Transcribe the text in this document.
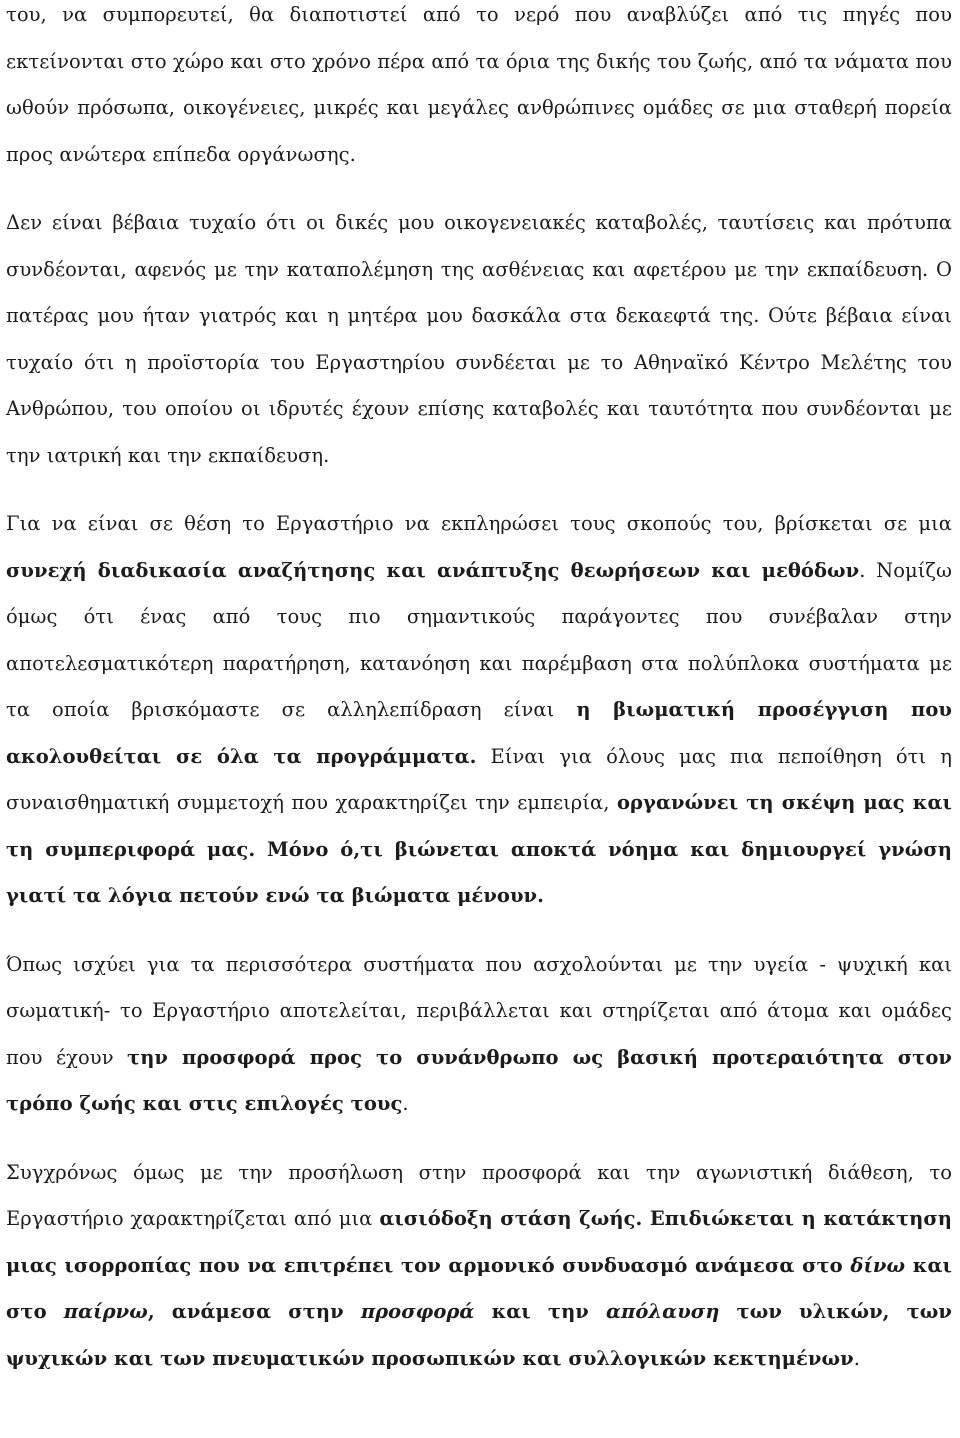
του, να συμπορευτεί, θα διαποτιστεί από το νερό που αναβλύζει από τις πηγές που εκτείνονται στο χώρο και στο χρόνο πέρα από τα όρια της δικής του ζωής, από τα νάματα που ωθούν πρόσωπα, οικογένειες, μικρές και μεγάλες ανθρώπινες ομάδες σε μια σταθερή πορεία προς ανώτερα επίπεδα οργάνωσης.

Δεν είναι βέβαια τυχαίο ότι οι δικές μου οικογενειακές καταβολές, ταυτίσεις και πρότυπα συνδέονται, αφενός με την καταπολέμηση της ασθένειας και αφετέρου με την εκπαίδευση. Ο πατέρας μου ήταν γιατρός και η μητέρα μου δασκάλα στα δεκαεφτά της. Ούτε βέβαια είναι τυχαίο ότι η προϊστορία του Εργαστηρίου συνδέεται με το Αθηναϊκό Κέντρο Μελέτης του Ανθρώπου, του οποίου οι ιδρυτές έχουν επίσης καταβολές και ταυτότητα που συνδέονται με την ιατρική και την εκπαίδευση.

Για να είναι σε θέση το Εργαστήριο να εκπληρώσει τους σκοπούς του, βρίσκεται σε μια συνεχή διαδικασία αναζήτησης και ανάπτυξης θεωρήσεων και μεθόδων. Νομίζω όμως ότι ένας από τους πιο σημαντικούς παράγοντες που συνέβαλαν στην αποτελεσματικότερη παρατήρηση, κατανόηση και παρέμβαση στα πολύπλοκα συστήματα με τα οποία βρισκόμαστε σε αλληλεπίδραση είναι η βιωματική προσέγγιση που ακολουθείται σε όλα τα προγράμματα. Είναι για όλους μας πια πεποίθηση ότι η συναισθηματική συμμετοχή που χαρακτηρίζει την εμπειρία, οργανώνει τη σκέψη μας και τη συμπεριφορά μας. Μόνο ό,τι βιώνεται αποκτά νόημα και δημιουργεί γνώση γιατί τα λόγια πετούν ενώ τα βιώματα μένουν.

Όπως ισχύει για τα περισσότερα συστήματα που ασχολούνται με την υγεία - ψυχική και σωματική- το Εργαστήριο αποτελείται, περιβάλλεται και στηρίζεται από άτομα και ομάδες που έχουν την προσφορά προς το συνάνθρωπο ως βασική προτεραιότητα στον τρόπο ζωής και στις επιλογές τους.

Συγχρόνως όμως με την προσήλωση στην προσφορά και την αγωνιστική διάθεση, το Εργαστήριο χαρακτηρίζεται από μια αισιόδοξη στάση ζωής. Επιδιώκεται η κατάκτηση μιας ισορροπίας που να επιτρέπει τον αρμονικό συνδυασμό ανάμεσα στο δίνω και στο παίρνω, ανάμεσα στην προσφορά και την απόλαυση των υλικών, των ψυχικών και των πνευματικών προσωπικών και συλλογικών κεκτημένων.
